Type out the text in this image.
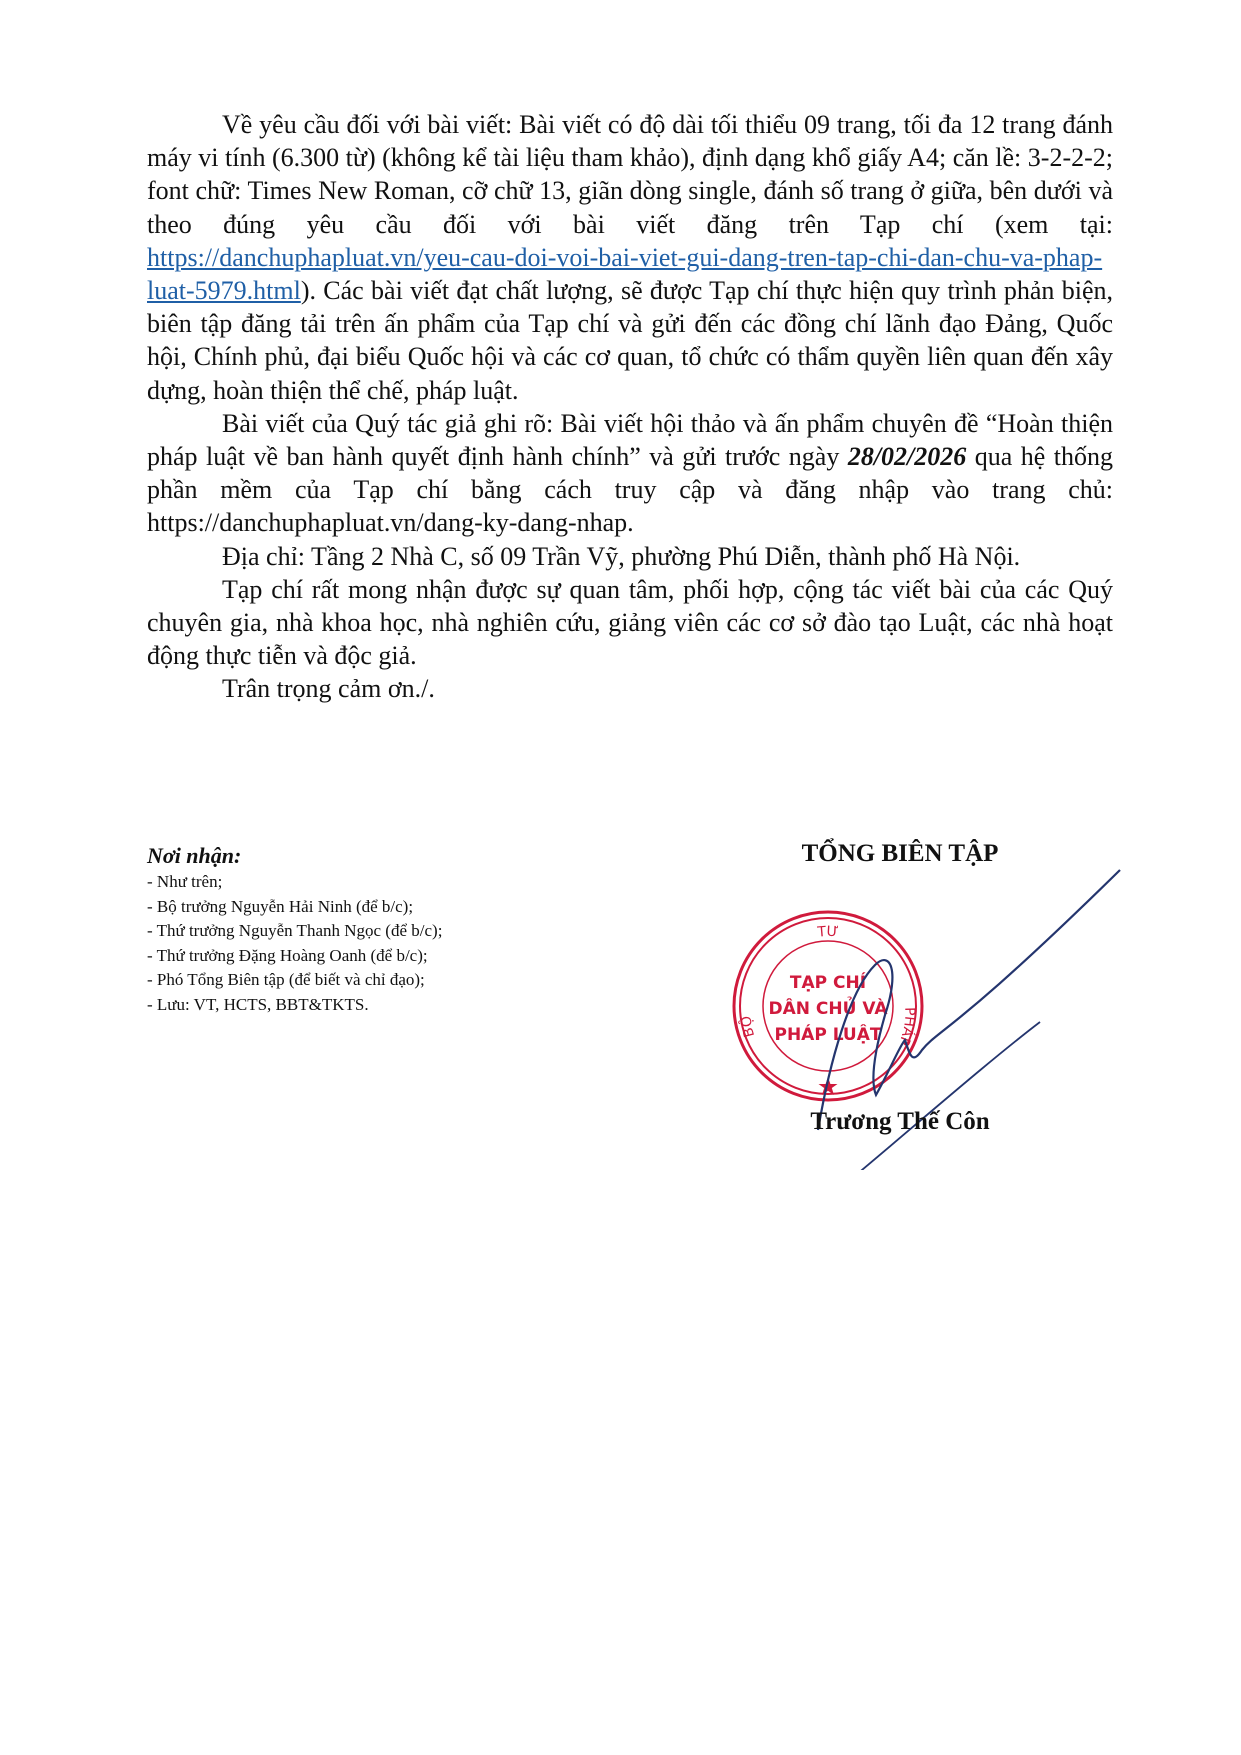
Về yêu cầu đối với bài viết: Bài viết có độ dài tối thiểu 09 trang, tối đa 12 trang đánh máy vi tính (6.300 từ) (không kể tài liệu tham khảo), định dạng khổ giấy A4; căn lề: 3-2-2-2; font chữ: Times New Roman, cỡ chữ 13, giãn dòng single, đánh số trang ở giữa, bên dưới và theo đúng yêu cầu đối với bài viết đăng trên Tạp chí (xem tại: https://danchuphapluat.vn/yeu-cau-doi-voi-bai-viet-gui-dang-tren-tap-chi-dan-chu-va-phap-luat-5979.html). Các bài viết đạt chất lượng, sẽ được Tạp chí thực hiện quy trình phản biện, biên tập đăng tải trên ấn phẩm của Tạp chí và gửi đến các đồng chí lãnh đạo Đảng, Quốc hội, Chính phủ, đại biểu Quốc hội và các cơ quan, tổ chức có thẩm quyền liên quan đến xây dựng, hoàn thiện thể chế, pháp luật.

Bài viết của Quý tác giả ghi rõ: Bài viết hội thảo và ấn phẩm chuyên đề “Hoàn thiện pháp luật về ban hành quyết định hành chính” và gửi trước ngày 28/02/2026 qua hệ thống phần mềm của Tạp chí bằng cách truy cập và đăng nhập vào trang chủ: https://danchuphapluat.vn/dang-ky-dang-nhap.

Địa chỉ: Tầng 2 Nhà C, số 09 Trần Vỹ, phường Phú Diễn, thành phố Hà Nội.

Tạp chí rất mong nhận được sự quan tâm, phối hợp, cộng tác viết bài của các Quý chuyên gia, nhà khoa học, nhà nghiên cứu, giảng viên các cơ sở đào tạo Luật, các nhà hoạt động thực tiễn và độc giả.

Trân trọng cảm ơn./.

Nơi nhận:
- Như trên;
- Bộ trưởng Nguyễn Hải Ninh (để b/c);
- Thứ trưởng Nguyễn Thanh Ngọc (để b/c);
- Thứ trưởng Đặng Hoàng Oanh (để b/c);
- Phó Tổng Biên tập (để biết và chỉ đạo);
- Lưu: VT, HCTS, BBT&TKTS.
TỔNG BIÊN TẬP
TƯ
BỘ
PHÁP
TẠP CHÍ
DÂN CHỦ VÀ
PHÁP LUẬT
Trương Thế Côn
